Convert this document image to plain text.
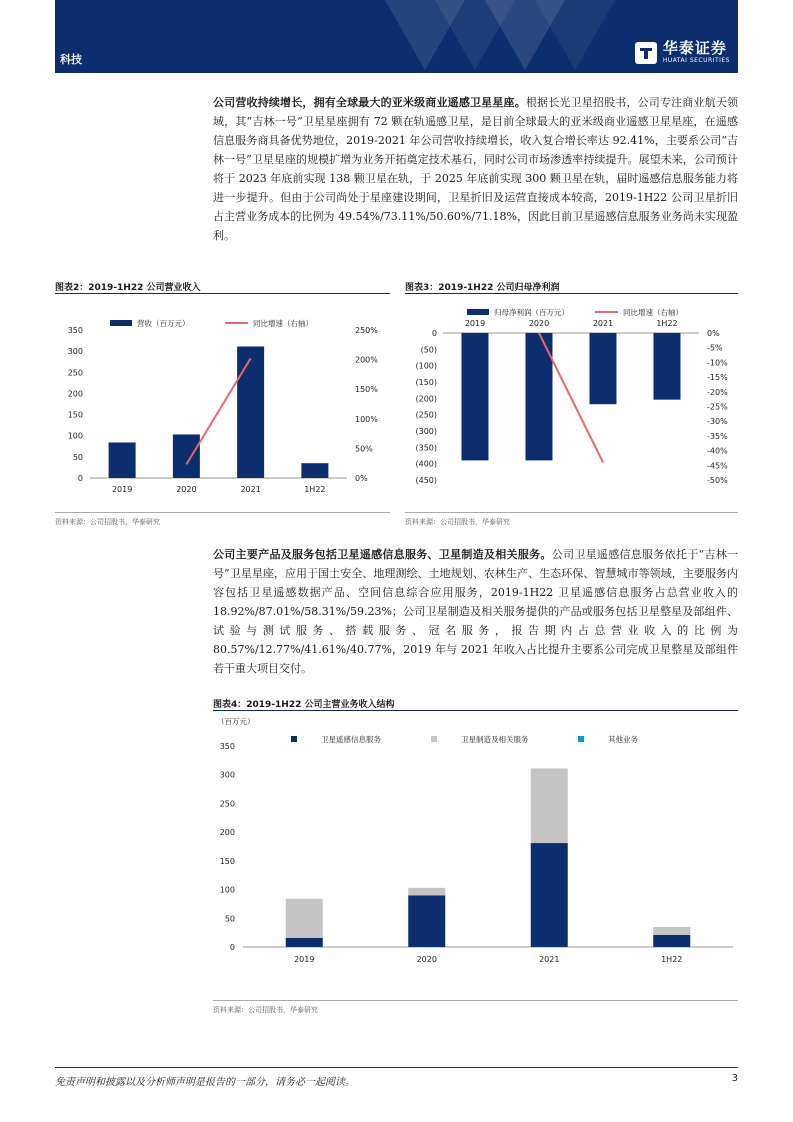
科技
华泰证券
HUATAI SECURITIES
公司营收持续增长，拥有全球最大的亚米级商业遥感卫星星座。根据长光卫星招股书，公司专注商业航天领域，其“吉林一号”卫星星座拥有 72 颗在轨遥感卫星，是目前全球最大的亚米级商业遥感卫星星座，在遥感信息服务商具备优势地位，2019-2021 年公司营收持续增长，收入复合增长率达 92.41%，主要系公司“吉林一号”卫星星座的规模扩增为业务开拓奠定技术基石，同时公司市场渗透率持续提升。展望未来，公司预计将于 2023 年底前实现 138 颗卫星在轨，于 2025 年底前实现 300 颗卫星在轨，届时遥感信息服务能力将进一步提升。但由于公司尚处于星座建设期间，卫星折旧及运营直接成本较高，2019-1H22 公司卫星折旧占主营业务成本的比例为 49.54%/73.11%/50.60%/71.18%，因此目前卫星遥感信息服务业务尚未实现盈利。
图表2：2019-1H22 公司营业收入
0
50
100
150
200
250
300
350
0%
50%
100%
150%
200%
250%
2019	2020	2021	1H22
营收（百万元）	同比增速（右轴）
资料来源：公司招股书，华泰研究
图表3：2019-1H22 公司归母净利润
0
(50)
(100)
(150)
(200)
(250)
(300)
(350)
(400)
(450)
0%
-5%
-10%
-15%
-20%
-25%
-30%
-35%
-40%
-45%
-50%
2019	2020	2021	1H22
归母净利润（百万元）	同比增速（右轴）
资料来源：公司招股书，华泰研究
公司主要产品及服务包括卫星遥感信息服务、卫星制造及相关服务。公司卫星遥感信息服务依托于“吉林一号”卫星星座，应用于国土安全、地理测绘、土地规划、农林生产、生态环保、智慧城市等领域，主要服务内容包括卫星遥感数据产品、空间信息综合应用服务，2019-1H22 卫星遥感信息服务占总营业收入的 18.92%/87.01%/58.31%/59.23%；公司卫星制造及相关服务提供的产品或服务包括卫星整星及部组件、试验与测试服务、搭载服务、冠名服务，报告期内占总营业收入的比例为 80.57%/12.77%/41.61%/40.77%，2019 年与 2021 年收入占比提升主要系公司完成卫星整星及部组件若干重大项目交付。
图表4：2019-1H22 公司主营业务收入结构
（百万元）
0
50
100
150
200
250
300
350
2019	2020	2021	1H22
卫星遥感信息服务	卫星制造及相关服务	其他业务
资料来源：公司招股书，华泰研究
免责声明和披露以及分析师声明是报告的一部分，请务必一起阅读。	3
